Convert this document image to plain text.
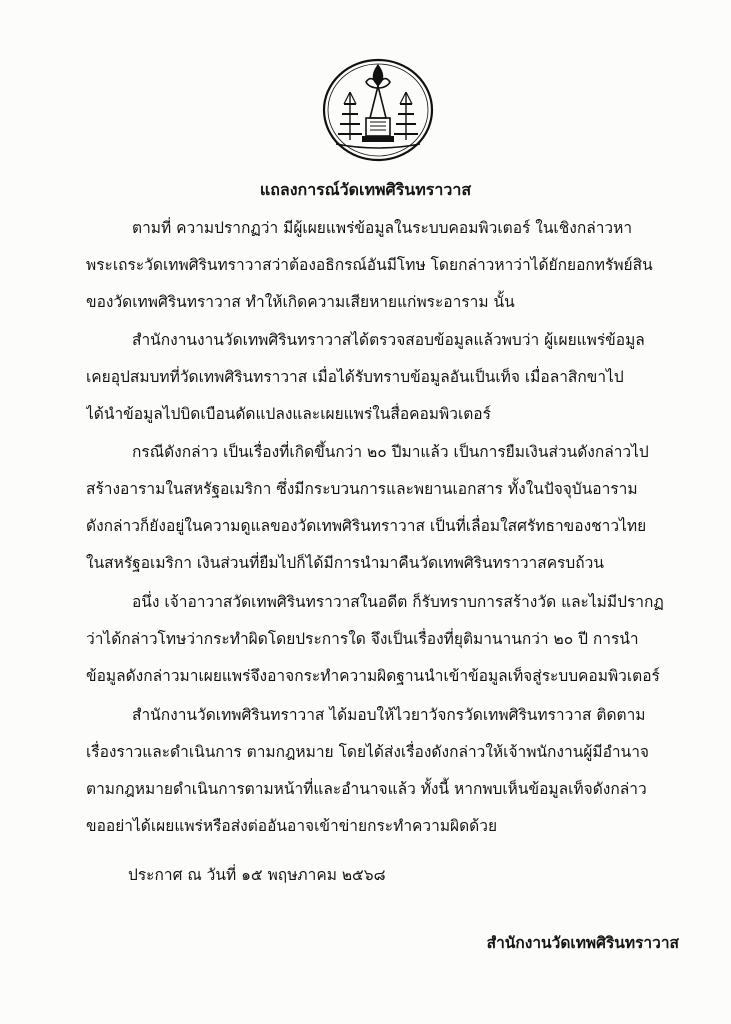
แถลงการณ์วัดเทพศิรินทราวาส
ตามที่ ความปรากฏว่า มีผู้เผยแพร่ข้อมูลในระบบคอมพิวเตอร์ ในเชิงกล่าวหา
พระเถระวัดเทพศิรินทราวาสว่าต้องอธิกรณ์อันมีโทษ โดยกล่าวหาว่าได้ยักยอกทรัพย์สิน
ของวัดเทพศิรินทราวาส ทำให้เกิดความเสียหายแก่พระอาราม นั้น
สำนักงานงานวัดเทพศิรินทราวาสได้ตรวจสอบข้อมูลแล้วพบว่า ผู้เผยแพร่ข้อมูล
เคยอุปสมบทที่วัดเทพศิรินทราวาส เมื่อได้รับทราบข้อมูลอันเป็นเท็จ เมื่อลาสิกขาไป
ได้นำข้อมูลไปบิดเบือนดัดแปลงและเผยแพร่ในสื่อคอมพิวเตอร์
กรณีดังกล่าว เป็นเรื่องที่เกิดขึ้นกว่า ๒๐ ปีมาแล้ว เป็นการยืมเงินส่วนดังกล่าวไป
สร้างอารามในสหรัฐอเมริกา ซึ่งมีกระบวนการและพยานเอกสาร ทั้งในปัจจุบันอาราม
ดังกล่าวก็ยังอยู่ในความดูแลของวัดเทพศิรินทราวาส เป็นที่เลื่อมใสศรัทธาของชาวไทย
ในสหรัฐอเมริกา เงินส่วนที่ยืมไปก็ได้มีการนำมาคืนวัดเทพศิรินทราวาสครบถ้วน
อนึ่ง เจ้าอาวาสวัดเทพศิรินทราวาสในอดีต ก็รับทราบการสร้างวัด และไม่มีปรากฏ
ว่าได้กล่าวโทษว่ากระทำผิดโดยประการใด จึงเป็นเรื่องที่ยุติมานานกว่า ๒๐ ปี การนำ
ข้อมูลดังกล่าวมาเผยแพร่จึงอาจกระทำความผิดฐานนำเข้าข้อมูลเท็จสู่ระบบคอมพิวเตอร์
สำนักงานวัดเทพศิรินทราวาส ได้มอบให้ไวยาวัจกรวัดเทพศิรินทราวาส ติดตาม
เรื่องราวและดำเนินการ ตามกฎหมาย โดยได้ส่งเรื่องดังกล่าวให้เจ้าพนักงานผู้มีอำนาจ
ตามกฎหมายดำเนินการตามหน้าที่และอำนาจแล้ว ทั้งนี้ หากพบเห็นข้อมูลเท็จดังกล่าว
ขออย่าได้เผยแพร่หรือส่งต่ออันอาจเข้าข่ายกระทำความผิดด้วย
ประกาศ ณ วันที่ ๑๕ พฤษภาคม ๒๕๖๘
สำนักงานวัดเทพศิรินทราวาส
